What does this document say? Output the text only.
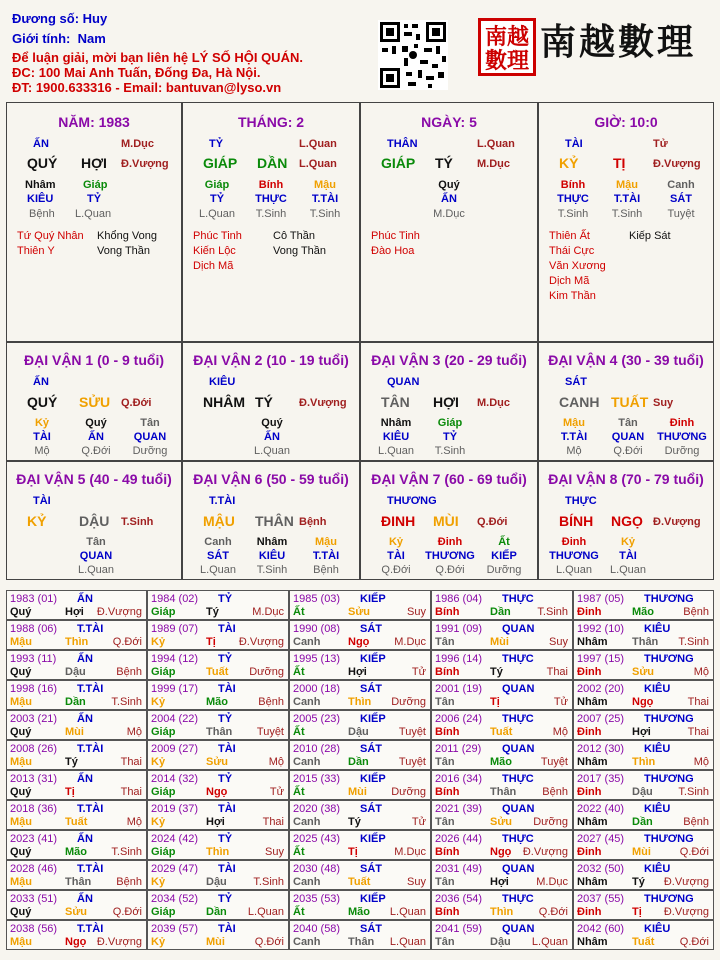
Đương số: Huy
Giới tính: Nam
Để luận giải, mời bạn liên hệ LÝ SỐ HỘI QUÁN.
ĐC: 100 Mai Anh Tuấn, Đống Đa, Hà Nội.
ĐT: 1900.633316 - Email: bantuvan@lyso.vn
南越數理 南越數理
NĂM: 1983
ẤN	M.Dục
QUÝ HỢI Đ.Vượng
Nhâm Giáp
KIÊU	TỶ
Bệnh L.Quan
Tứ Quý Nhân
Thiên Y
Khổng Vong
Vong Thần
THÁNG: 2
TỶ	L.Quan
GIÁP DẦN L.Quan
Giáp
TỶ
L.Quan
Bính
THỰC
T.Sinh
Mậu
T.TÀI
T.Sinh
Phúc Tinh
Kiến Lộc
Dịch Mã
Cô Thần
Vong Thần
NGÀY: 5
THÂN	L.Quan
GIÁP TÝ M.Dục
Quý
ẤN
M.Dục
Phúc Tinh
Đào Hoa
GIỜ: 10:0
TÀI	Tử
KỶ TỊ	Đ.Vượng
Bính
THỰC
T.Sinh
Mậu
T.TÀI
T.Sinh
Canh
SÁT
Tuyệt
Thiên Ất
Thái Cực
Văn Xương
Dịch Mã
Kim Thần
Kiếp Sát
ĐẠI VẬN 1 (0 - 9 tuổi)
ẤN
QUÝ SỬU Q.Đới
Kỷ
TÀI
Mộ
Quý
ẤN
Q.Đới
Tân
QUAN
Dưỡng
ĐẠI VẬN 2 (10 - 19 tuổi)
KIÊU
NHÂM TÝ Đ.Vượng
Quý
ẤN
L.Quan
ĐẠI VẬN 3 (20 - 29 tuổi)
QUAN
TÂN HỢI M.Dục
Nhâm
KIÊU
L.Quan
Giáp
TỶ
T.Sinh
ĐẠI VẬN 4 (30 - 39 tuổi)
SÁT
CANH TUẤT Suy
Mậu
T.TÀI
Mộ
Tân
QUAN
Q.Đới
Đinh
THƯƠNG
Dưỡng
ĐẠI VẬN 5 (40 - 49 tuổi)
TÀI
KỶ DẬU T.Sinh
Tân
QUAN
L.Quan
ĐẠI VẬN 6 (50 - 59 tuổi)
T.TÀI
MẬU THÂN Bệnh
Canh
SÁT
L.Quan
Nhâm
KIÊU
T.Sinh
Mậu
T.TÀI
Bệnh
ĐẠI VẬN 7 (60 - 69 tuổi)
THƯƠNG
ĐINH MÙI Q.Đới
Kỷ
TÀI
Q.Đới
Đinh
THƯƠNG
Q.Đới
Ất
KIẾP
Dưỡng
ĐẠI VẬN 8 (70 - 79 tuổi)
THỰC
BÍNH NGỌ Đ.Vượng
Đinh
THƯƠNG
L.Quan
Kỷ
TÀI
L.Quan
1983 (01) ẤN
Quý	Hợi Đ.Vượng
1984 (02) TỶ
Giáp	Tý	M.Dục
1985 (03) KIẾP
Ất	Sửu	Suy
1986 (04) THỰC
Bính	Dần T.Sinh
1987 (05) THƯƠNG
Đinh	Mão	Bệnh
1988 (06) T.TÀI
Mậu	Thìn Q.Đới
1989 (07) TÀI
Kỷ	Tị Đ.Vượng
1990 (08) SÁT
Canh	Ngọ M.Dục
1991 (09) QUAN
Tân	Mùi	Suy
1992 (10) KIÊU
Nhâm Thân T.Sinh
1993 (11) ẤN
Quý	Dậu	Bệnh
1994 (12) TỶ
Giáp	Tuất Dưỡng
1995 (13) KIẾP
Ất	Hợi	Tử
1996 (14) THỰC
Bính	Tý	Thai
1997 (15) THƯƠNG
Đinh	Sửu	Mộ
1998 (16) T.TÀI
Mậu	Dần T.Sinh
1999 (17) TÀI
Kỷ	Mão	Bệnh
2000 (18) SÁT
Canh	Thìn Dưỡng
2001 (19) QUAN
Tân	Tị	Tử
2002 (20) KIÊU
Nhâm Ngọ	Thai
2003 (21) ẤN
Quý	Mùi	Mộ
2004 (22) TỶ
Giáp	Thân Tuyệt
2005 (23) KIẾP
Ất	Dậu	Tuyệt
2006 (24) THỰC
Bính	Tuất	Mộ
2007 (25) THƯƠNG
Đinh	Hợi	Thai
2008 (26) T.TÀI
Mậu	Tý	Thai
2009 (27) TÀI
Kỷ	Sửu	Mộ
2010 (28) SÁT
Canh	Dần	Tuyệt
2011 (29) QUAN
Tân	Mão	Tuyệt
2012 (30) KIÊU
Nhâm Thìn	Mộ
2013 (31) ẤN
Quý	Tị	Thai
2014 (32) TỶ
Giáp	Ngọ	Tử
2015 (33) KIẾP
Ất	Mùi Dưỡng
2016 (34) THỰC
Bính	Thân Bệnh
2017 (35) THƯƠNG
Đinh	Dậu T.Sinh
2018 (36) T.TÀI
Mậu	Tuất	Mộ
2019 (37) TÀI
Kỷ	Hợi	Thai
2020 (38) SÁT
Canh	Tý	Tử
2021 (39) QUAN
Tân	Sửu Dưỡng
2022 (40) KIÊU
Nhâm Dần	Bệnh
2023 (41) ẤN
Quý	Mão T.Sinh
2024 (42) TỶ
Giáp	Thìn	Suy
2025 (43) KIẾP
Ất	Tị	M.Dục
2026 (44) THỰC
Bính	Ngọ Đ.Vượng
2027 (45) THƯƠNG
Đinh	Mùi	Q.Đới
2028 (46) T.TÀI
Mậu	Thân Bệnh
2029 (47) TÀI
Kỷ	Dậu T.Sinh
2030 (48) SÁT
Canh	Tuất	Suy
2031 (49) QUAN
Tân	Hợi M.Dục
2032 (50) KIÊU
Nhâm Tý Đ.Vượng
2033 (51) ẤN
Quý	Sửu Q.Đới
2034 (52) TỶ
Giáp	Dần L.Quan
2035 (53) KIẾP
Ất	Mão L.Quan
2036 (54) THỰC
Bính	Thìn Q.Đới
2037 (55) THƯƠNG
Đinh	Tị Đ.Vượng
2038 (56) T.TÀI
Mậu	Ngọ Đ.Vượng
2039 (57) TÀI
Kỷ	Mùi	Q.Đới
2040 (58) SÁT
Canh	Thân L.Quan
2041 (59) QUAN
Tân	Dậu L.Quan
2042 (60) KIÊU
Nhâm Tuất Q.Đới
